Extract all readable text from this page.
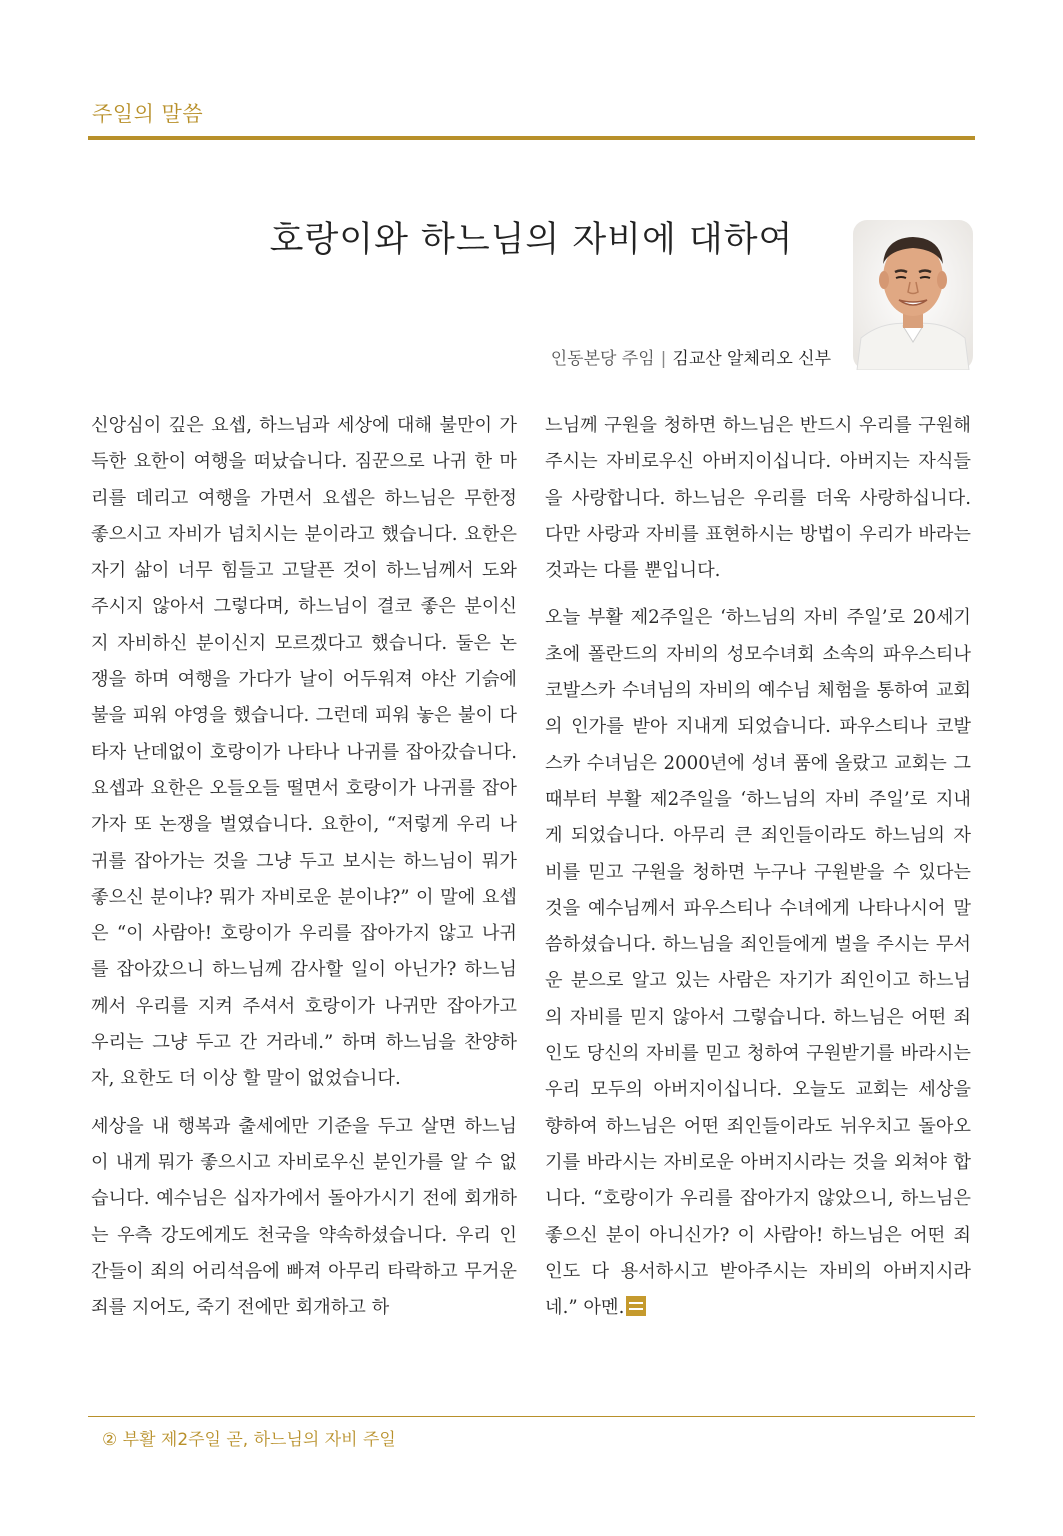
주일의 말씀
호랑이와 하느님의 자비에 대하여
인동본당 주임 | 김교산 알체리오 신부

신앙심이 깊은 요셉, 하느님과 세상에 대해 불만이 가득한 요한이 여행을 떠났습니다. 짐꾼으로 나귀 한 마리를 데리고 여행을 가면서 요셉은 하느님은 무한정 좋으시고 자비가 넘치시는 분이라고 했습니다. 요한은 자기 삶이 너무 힘들고 고달픈 것이 하느님께서 도와주시지 않아서 그렇다며, 하느님이 결코 좋은 분이신지 자비하신 분이신지 모르겠다고 했습니다. 둘은 논쟁을 하며 여행을 가다가 날이 어두워져 야산 기슭에 불을 피워 야영을 했습니다. 그런데 피워 놓은 불이 다 타자 난데없이 호랑이가 나타나 나귀를 잡아갔습니다. 요셉과 요한은 오들오들 떨면서 호랑이가 나귀를 잡아가자 또 논쟁을 벌였습니다. 요한이, “저렇게 우리 나귀를 잡아가는 것을 그냥 두고 보시는 하느님이 뭐가 좋으신 분이냐? 뭐가 자비로운 분이냐?” 이 말에 요셉은 “이 사람아! 호랑이가 우리를 잡아가지 않고 나귀를 잡아갔으니 하느님께 감사할 일이 아닌가? 하느님께서 우리를 지켜 주셔서 호랑이가 나귀만 잡아가고 우리는 그냥 두고 간 거라네.” 하며 하느님을 찬양하자, 요한도 더 이상 할 말이 없었습니다.

세상을 내 행복과 출세에만 기준을 두고 살면 하느님이 내게 뭐가 좋으시고 자비로우신 분인가를 알 수 없습니다. 예수님은 십자가에서 돌아가시기 전에 회개하는 우측 강도에게도 천국을 약속하셨습니다. 우리 인간들이 죄의 어리석음에 빠져 아무리 타락하고 무거운 죄를 지어도, 죽기 전에만 회개하고 하

느님께 구원을 청하면 하느님은 반드시 우리를 구원해 주시는 자비로우신 아버지이십니다. 아버지는 자식들을 사랑합니다. 하느님은 우리를 더욱 사랑하십니다. 다만 사랑과 자비를 표현하시는 방법이 우리가 바라는 것과는 다를 뿐입니다.

오늘 부활 제2주일은 ‘하느님의 자비 주일’로 20세기 초에 폴란드의 자비의 성모수녀회 소속의 파우스티나 코발스카 수녀님의 자비의 예수님 체험을 통하여 교회의 인가를 받아 지내게 되었습니다. 파우스티나 코발스카 수녀님은 2000년에 성녀 품에 올랐고 교회는 그때부터 부활 제2주일을 ‘하느님의 자비 주일’로 지내게 되었습니다. 아무리 큰 죄인들이라도 하느님의 자비를 믿고 구원을 청하면 누구나 구원받을 수 있다는 것을 예수님께서 파우스티나 수녀에게 나타나시어 말씀하셨습니다. 하느님을 죄인들에게 벌을 주시는 무서운 분으로 알고 있는 사람은 자기가 죄인이고 하느님의 자비를 믿지 않아서 그렇습니다. 하느님은 어떤 죄인도 당신의 자비를 믿고 청하여 구원받기를 바라시는 우리 모두의 아버지이십니다. 오늘도 교회는 세상을 향하여 하느님은 어떤 죄인들이라도 뉘우치고 돌아오기를 바라시는 자비로운 아버지시라는 것을 외쳐야 합니다. “호랑이가 우리를 잡아가지 않았으니, 하느님은 좋으신 분이 아니신가? 이 사람아! 하느님은 어떤 죄인도 다 용서하시고 받아주시는 자비의 아버지시라네.” 아멘.

② 부활 제2주일 곧, 하느님의 자비 주일
